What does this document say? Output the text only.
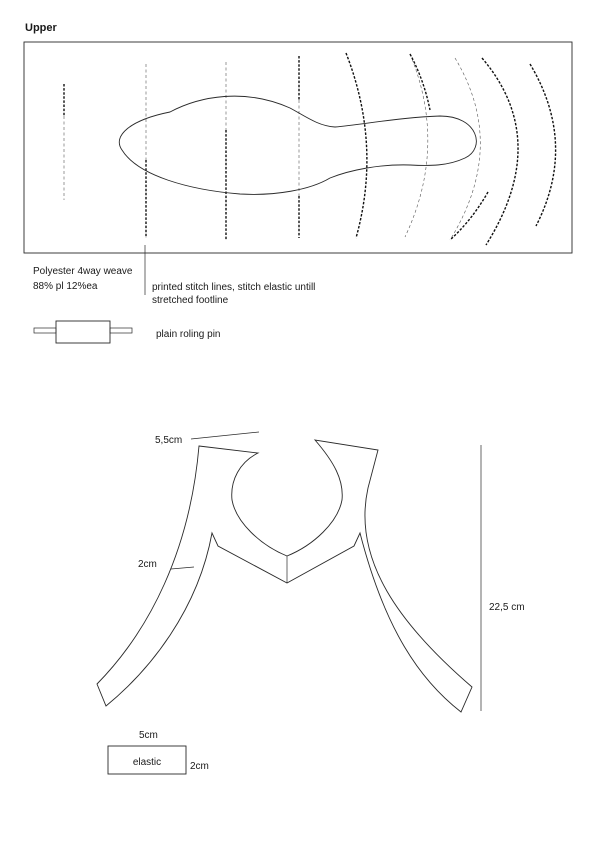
Upper
Polyester 4way weave
88% pl 12%ea	printed stitch lines, stitch elastic untill
stretched footline
plain roling pin
5,5cm
2cm
22,5 cm
5cm
elastic	2cm
